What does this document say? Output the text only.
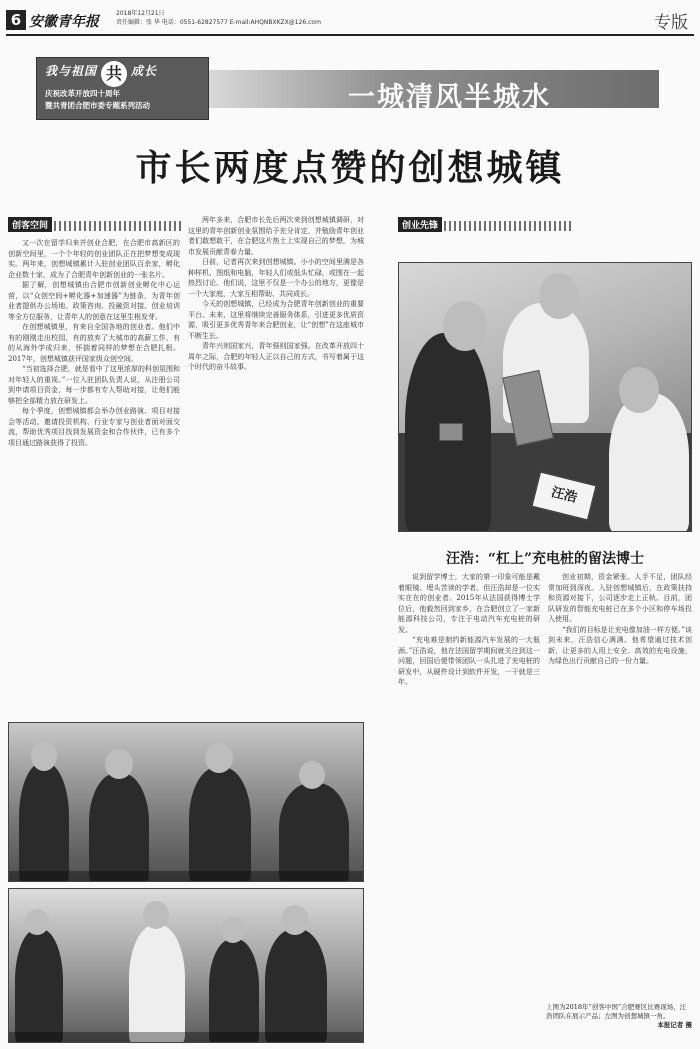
6 安徽青年报
2018年12月21日
责任编辑：张 华 电话：0551-62827577 E-mail:AHQNBXKZX@126.com	专版
我与祖国 共 成长
庆祝改革开放四十周年
暨共青团合肥市委专题系列活动	一城清风半城水
市长两度点赞的创想城镇
创客空间

又一次在留学归来并创业合肥，在合肥市高新区的创新空间里，一个个年轻的创业团队正在把梦想变成现实。两年来，创想城镇累计入驻创业团队百余家，孵化企业数十家，成为了合肥青年创新创业的一张名片。

据了解，创想城镇由合肥市创新创业孵化中心运营，以“众创空间+孵化器+加速器”为链条，为青年创业者提供办公场地、政策咨询、投融资对接、创业培训等全方位服务，让青年人的创意在这里生根发芽。

在创想城镇里，有来自全国各地的创业者。他们中有的刚刚走出校园，有的放弃了大城市的高薪工作，有的从海外学成归来，怀揣着同样的梦想在合肥扎根。2017年，创想城镇获评国家级众创空间。

“当初选择合肥，就是看中了这里浓厚的科创氛围和对年轻人的重视。”一位入驻团队负责人说，从注册公司到申请项目资金，每一步都有专人帮助对接，让他们能够把全部精力放在研发上。

每个季度，创想城镇都会举办创业路演、项目对接会等活动，邀请投资机构、行业专家与创业者面对面交流，帮助优秀项目找到发展资金和合作伙伴，已有多个项目通过路演获得了投资。

两年多来，合肥市长先后两次来到创想城镇调研，对这里的青年创新创业氛围给予充分肯定，并勉励青年创业者们敢想敢干，在合肥这片热土上实现自己的梦想，为城市发展贡献青春力量。

日前，记者再次来到创想城镇。小小的空间里满是各种样机、图纸和电脑，年轻人们或低头忙碌，或围在一起热烈讨论。他们说，这里不仅是一个办公的地方，更像是一个大家庭，大家互相帮助、共同成长。

今天的创想城镇，已经成为合肥青年创新创业的重要平台。未来，这里将继续完善服务体系，引进更多优质资源，吸引更多优秀青年来合肥创业，让“创想”在这座城市不断生长。

青年兴则国家兴，青年强则国家强。在改革开放四十周年之际，合肥的年轻人正以自己的方式，书写着属于这个时代的奋斗故事。

创业先锋
汪浩
汪浩：“杠上”充电桩的留法博士

说到留学博士，大家的第一印象可能是戴着眼镜、埋头苦读的学者。但汪浩却是一位实实在在的创业者。2015年从法国获得博士学位后，他毅然回到家乡，在合肥创立了一家新能源科技公司，专注于电动汽车充电桩的研发。

“充电难是制约新能源汽车发展的一大瓶颈。”汪浩说，他在法国留学期间就关注到这一问题，回国后便带领团队一头扎进了充电桩的研发中，从硬件设计到软件开发，一干就是三年。

创业初期，资金紧张、人手不足，团队经常加班到深夜。入驻创想城镇后，在政策扶持和资源对接下，公司逐步走上正轨。目前，团队研发的智能充电桩已在多个小区和停车场投入使用。

“我们的目标是让充电像加油一样方便。”谈到未来，汪浩信心满满。他希望通过技术创新，让更多的人用上安全、高效的充电设施，为绿色出行贡献自己的一份力量。

上图为2018年“创客中国”合肥赛区比赛现场，汪浩团队在展示产品；左图为创想城镇一角。

本报记者 摄
